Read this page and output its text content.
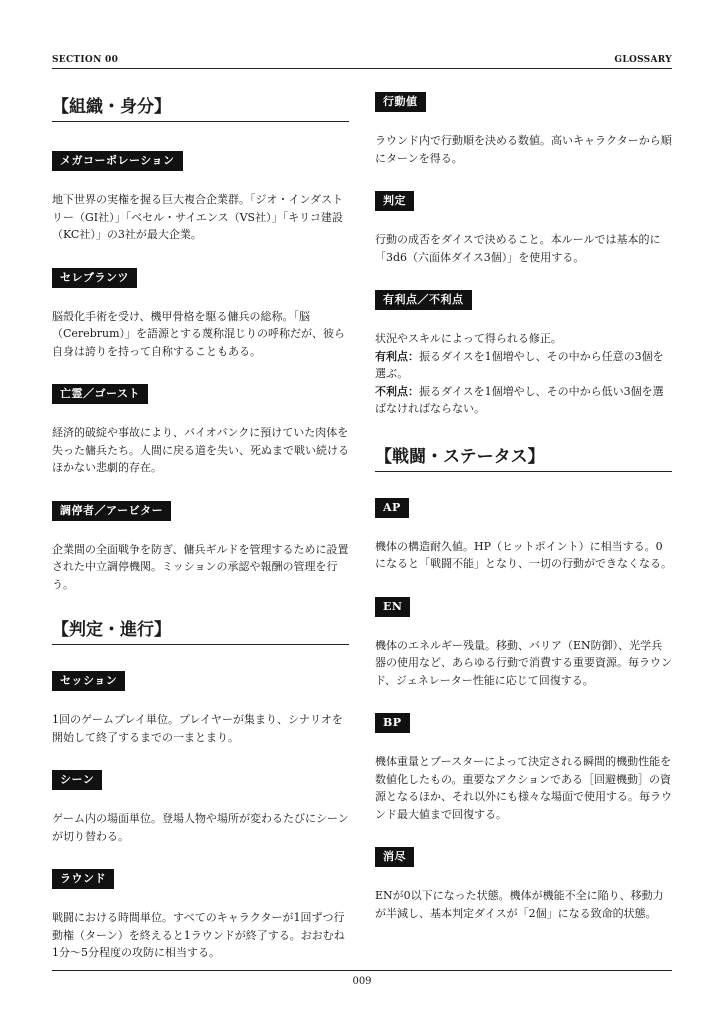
SECTION 00	GLOSSARY
【組織・身分】
メガコーポレーション

地下世界の実権を握る巨大複合企業群。「ジオ・インダストリー（GI社）」「ベセル・サイエンス（VS社）」「キリコ建設（KC社）」の3社が最大企業。

セレブランツ

脳殻化手術を受け、機甲骨格を駆る傭兵の総称。「脳（Cerebrum）」を語源とする蔑称混じりの呼称だが、彼ら自身は誇りを持って自称することもある。

亡霊／ゴースト

経済的破綻や事故により、バイオバンクに預けていた肉体を失った傭兵たち。人間に戻る道を失い、死ぬまで戦い続けるほかない悲劇的存在。

調停者／アービター

企業間の全面戦争を防ぎ、傭兵ギルドを管理するために設置された中立調停機関。ミッションの承認や報酬の管理を行う。

【判定・進行】
セッション

1回のゲームプレイ単位。プレイヤーが集まり、シナリオを開始して終了するまでの一まとまり。

シーン

ゲーム内の場面単位。登場人物や場所が変わるたびにシーンが切り替わる。

ラウンド

戦闘における時間単位。すべてのキャラクターが1回ずつ行動権（ターン）を終えると1ラウンドが終了する。おおむね1分〜5分程度の攻防に相当する。

行動値

ラウンド内で行動順を決める数値。高いキャラクターから順にターンを得る。

判定

行動の成否をダイスで決めること。本ルールでは基本的に「3d6（六面体ダイス3個）」を使用する。

有利点／不利点

状況やスキルによって得られる修正。
有利点：振るダイスを1個増やし、その中から任意の3個を選ぶ。
不利点：振るダイスを1個増やし、その中から低い3個を選ばなければならない。

【戦闘・ステータス】
AP

機体の構造耐久値。HP（ヒットポイント）に相当する。0になると「戦闘不能」となり、一切の行動ができなくなる。

EN

機体のエネルギー残量。移動、バリア（EN防御）、光学兵器の使用など、あらゆる行動で消費する重要資源。毎ラウンド、ジェネレーター性能に応じて回復する。

BP

機体重量とブースターによって決定される瞬間的機動性能を数値化したもの。重要なアクションである［回避機動］の資源となるほか、それ以外にも様々な場面で使用する。毎ラウンド最大値まで回復する。

消尽

ENが0以下になった状態。機体が機能不全に陥り、移動力が半減し、基本判定ダイスが「2個」になる致命的状態。

009
